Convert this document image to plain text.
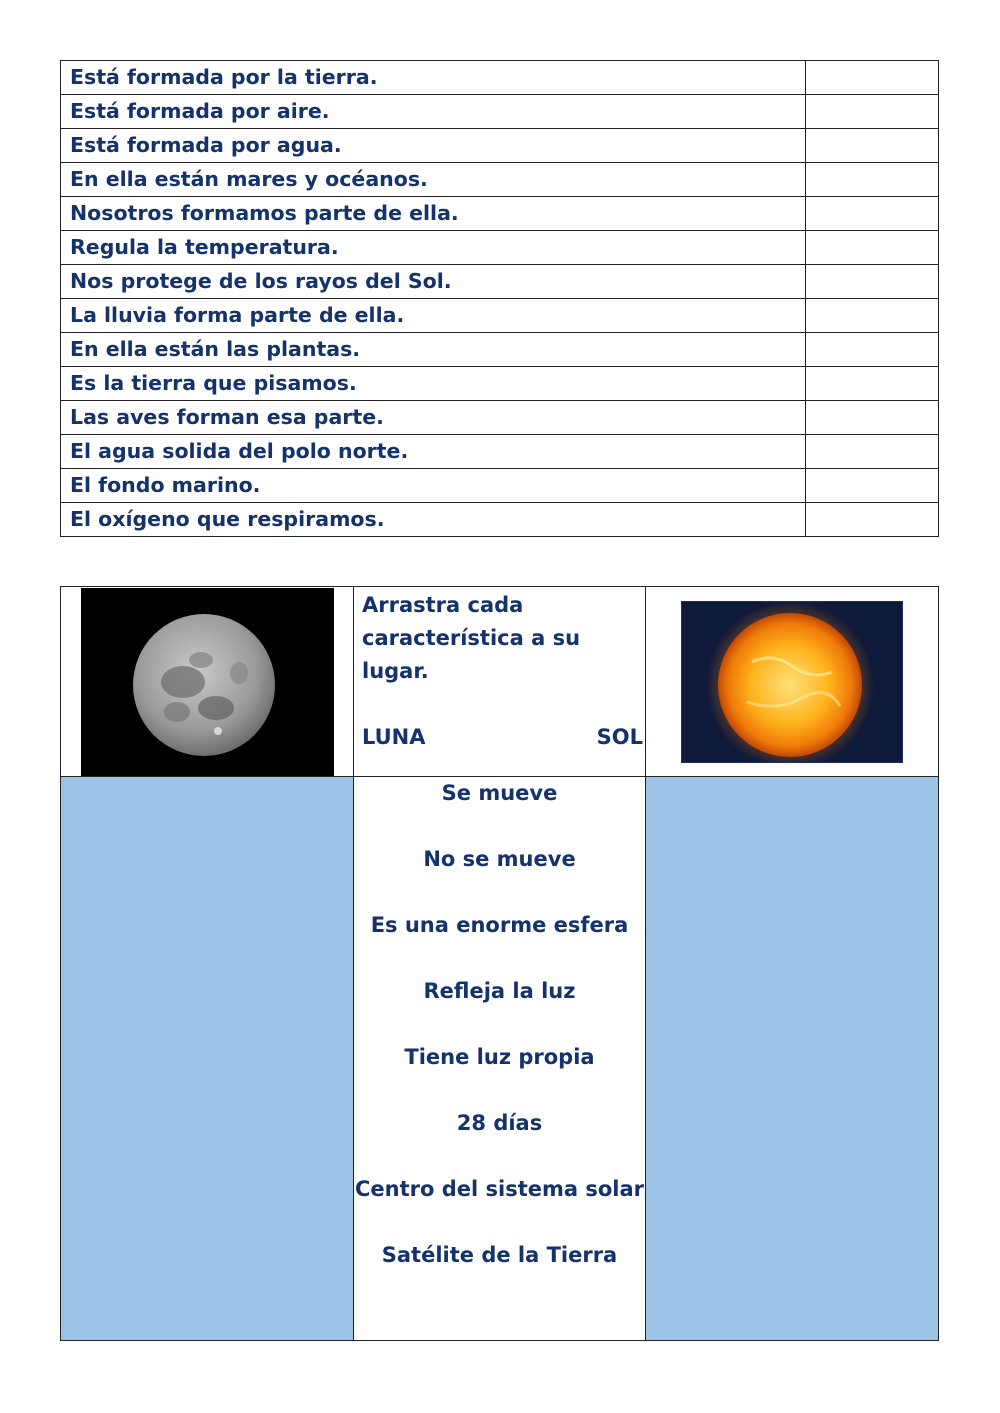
Está formada por la tierra.	
Está formada por aire.	
Está formada por agua.	
En ella están mares y océanos.	
Nosotros formamos parte de ella.	
Regula la temperatura.	
Nos protege de los rayos del Sol.	
La lluvia forma parte de ella.	
En ella están las plantas.	
Es la tierra que pisamos.	
Las aves forman esa parte.	
El agua solida del polo norte.	
El fondo marino.	
El oxígeno que respiramos.	

Arrastra cada característica a su lugar.

LUNA	SOL
Se mueve
No se mueve
Es una enorme esfera
Refleja la luz
Tiene luz propia
28 días
Centro del sistema solar
Satélite de la Tierra
